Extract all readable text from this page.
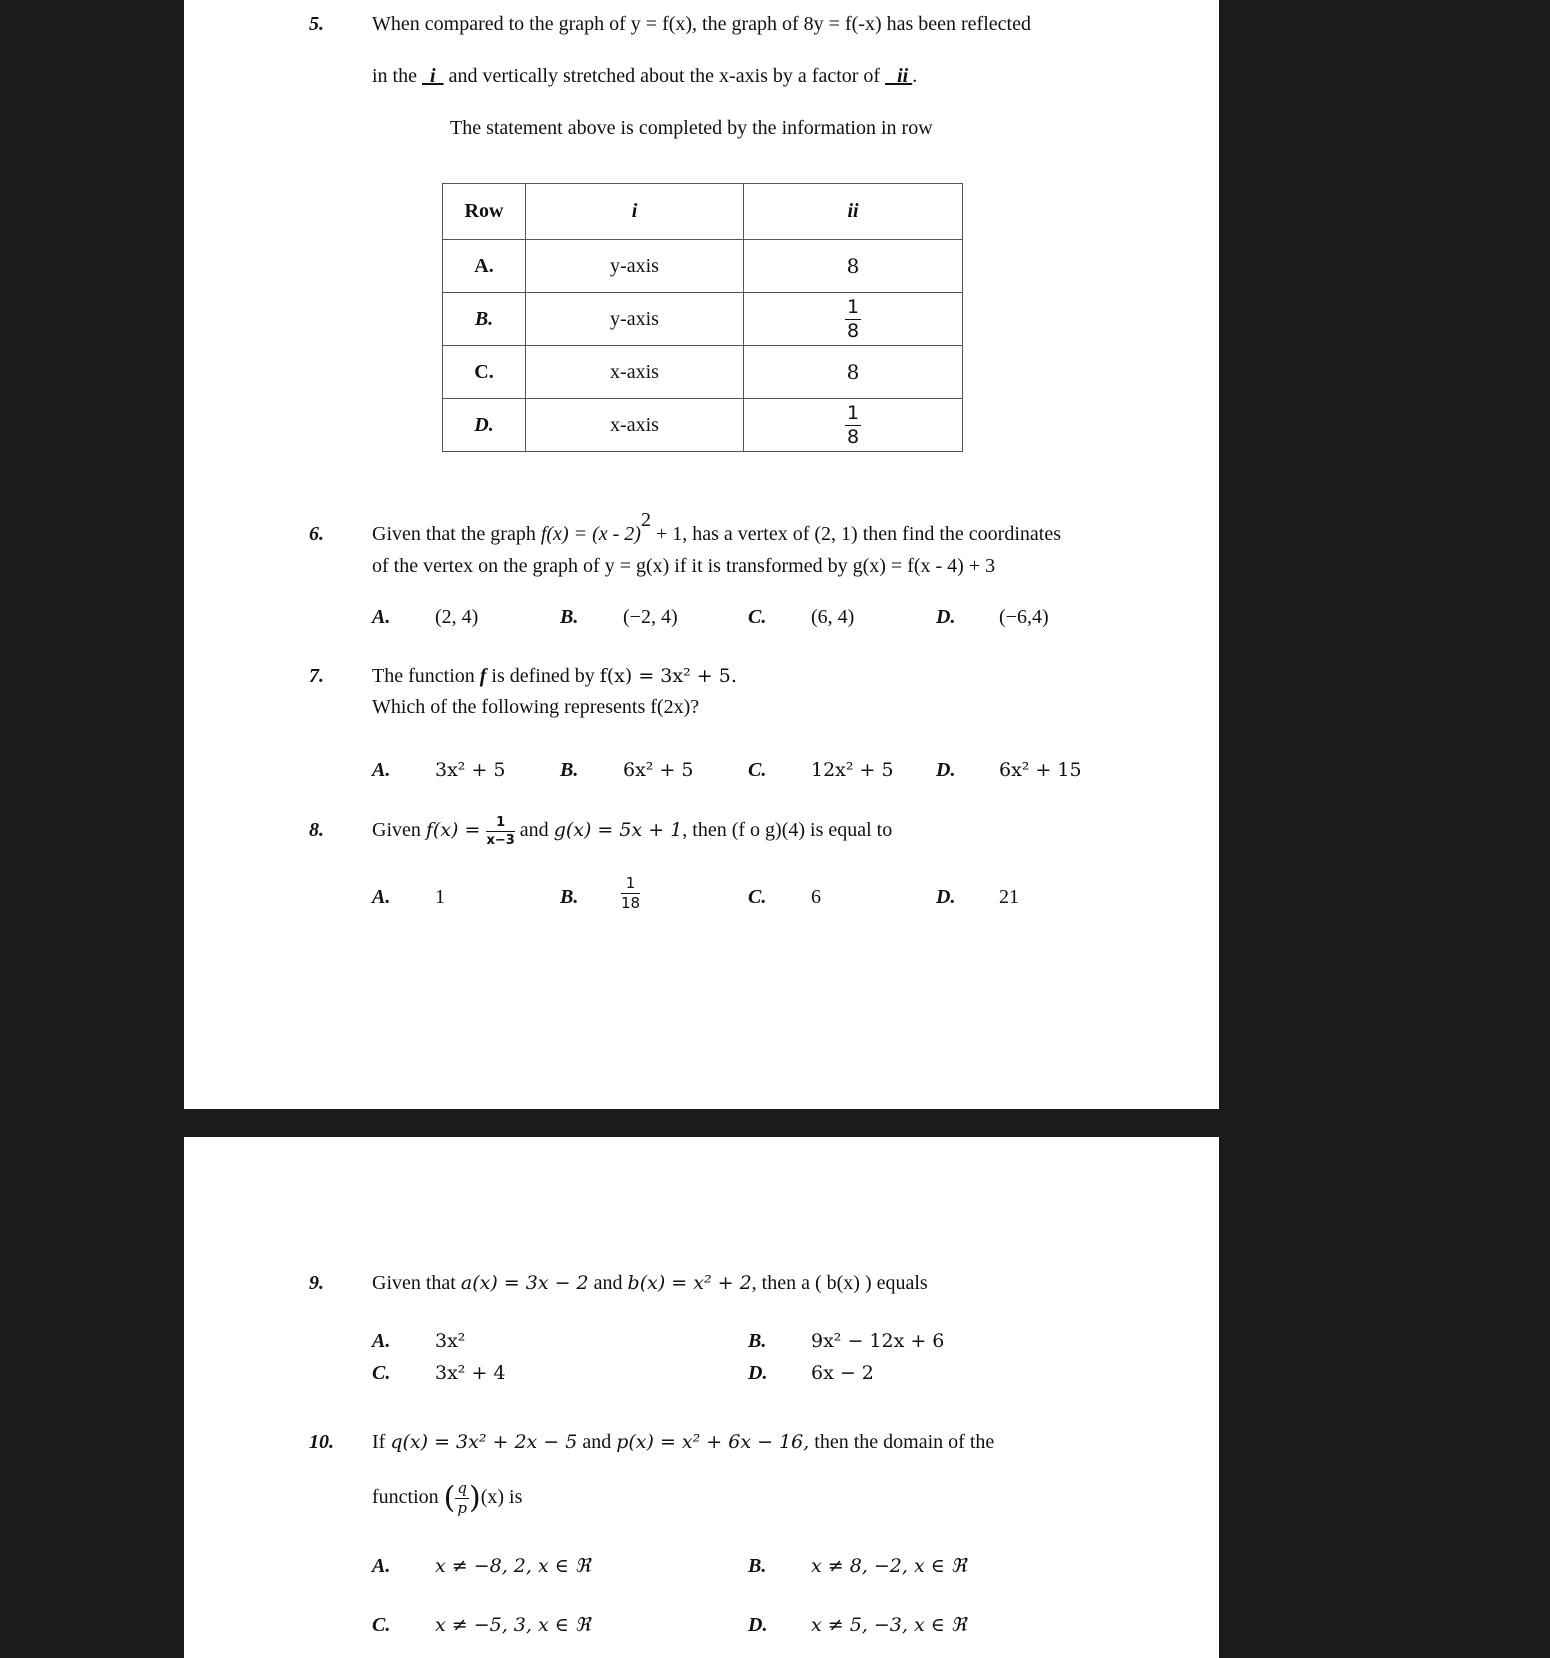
5. When compared to the graph of y = f(x), the graph of 8y = f(-x) has been reflected
in the   i   and vertically stretched about the x-axis by a factor of    ii .
The statement above is completed by the information in row
Row	i	ii
A.	y-axis	8
B.	y-axis	$\frac{1}{8}$

C.	x-axis	8
D.	x-axis	$\frac{1}{8}$
6. Given that the graph f(x) = (x - 2)$^2$ + 1, has a vertex of (2, 1) then find the coordinates
of the vertex on the graph of y = g(x) if it is transformed by g(x) = f(x - 4) + 3
A. (2, 4)	B. (−2, 4)	C. (6, 4)	D. (−6,4)
7. The function f is defined by f(x) = 3x² + 5.
Which of the following represents f(2x)?
A. 3x² + 5	B. 6x² + 5	C. 12x² + 5 D. 6x² + 15
8. Given $f(x) = \frac{1}{x-3}$ and g(x) = 5x + 1, then (f o g)(4) is equal to
A. 1	B.	$\frac{1}{18}$	C. 6	D. 21
9. Given that a(x) = 3x − 2 and b(x) = x² + 2, then a ( b(x) ) equals
A. 3x²	B. 9x² − 12x + 6
C. 3x² + 4	D. 6x − 2
10. If q(x) = 3x² + 2x − 5 and p(x) = x² + 6x − 16, then the domain of the
function ( $\frac{q}{p} )(x)$ is
A. x ≠ −8, 2, x ∈ ℜ	B. x ≠ 8, −2, x ∈ ℜ
C. x ≠ −5, 3, x ∈ ℜ	D. x ≠ 5, −3, x ∈ ℜ
